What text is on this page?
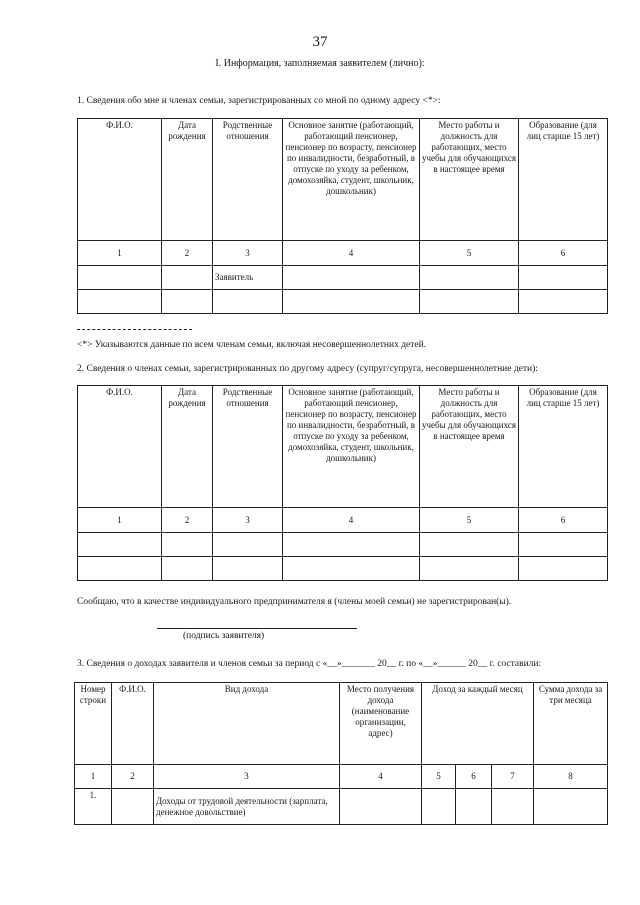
37
I. Информация, заполняемая заявителем (лично):
1. Сведения обо мне и членах семьи, зарегистрированных со мной по одному адресу <*>:
Ф.И.О.	Дата рождения	Родственные отношения	Основное занятие (работающий, работающий пенсионер, пенсионер по возрасту, пенсионер по инвалидности, безработный, в отпуске по уходу за ребенком, домохозяйка, студент, школьник, дошкольник)	Место работы и должность для работающих, место учебы для обучающихся в настоящее время	Образование (для лиц старше 15 лет)
1	2	3	4	5	6
		Заявитель			

<*> Указываются данные по всем членам семьи, включая несовершеннолетних детей.
2. Сведения о членах семьи, зарегистрированных по другому адресу (супруг/супруга, несовершеннолетние дети):
Ф.И.О.	Дата рождения	Родственные отношения	Основное занятие (работающий, работающий пенсионер, пенсионер по возрасту, пенсионер по инвалидности, безработный, в отпуске по уходу за ребенком, домохозяйка, студент, школьник, дошкольник)	Место работы и должность для работающих, место учебы для обучающихся в настоящее время	Образование (для лиц старше 15 лет)
1	2	3	4	5	6

Сообщаю, что в качестве индивидуального предпринимателя я (члены моей семьи) не зарегистрирован(ы).
(подпись заявителя)
3. Сведения о доходах заявителя и членов семьи за период с «__»_______ 20__ г. по «__»______ 20__ г. составили:
Номер строки	Ф.И.О.	Вид дохода	Место получения дохода (наименование организации, адрес)	Доход за каждый месяц			Сумма дохода за три месяца
1	2	3	4	5	6	7	8
1.		Доходы от трудовой деятельности (зарплата, денежное довольствие)					
